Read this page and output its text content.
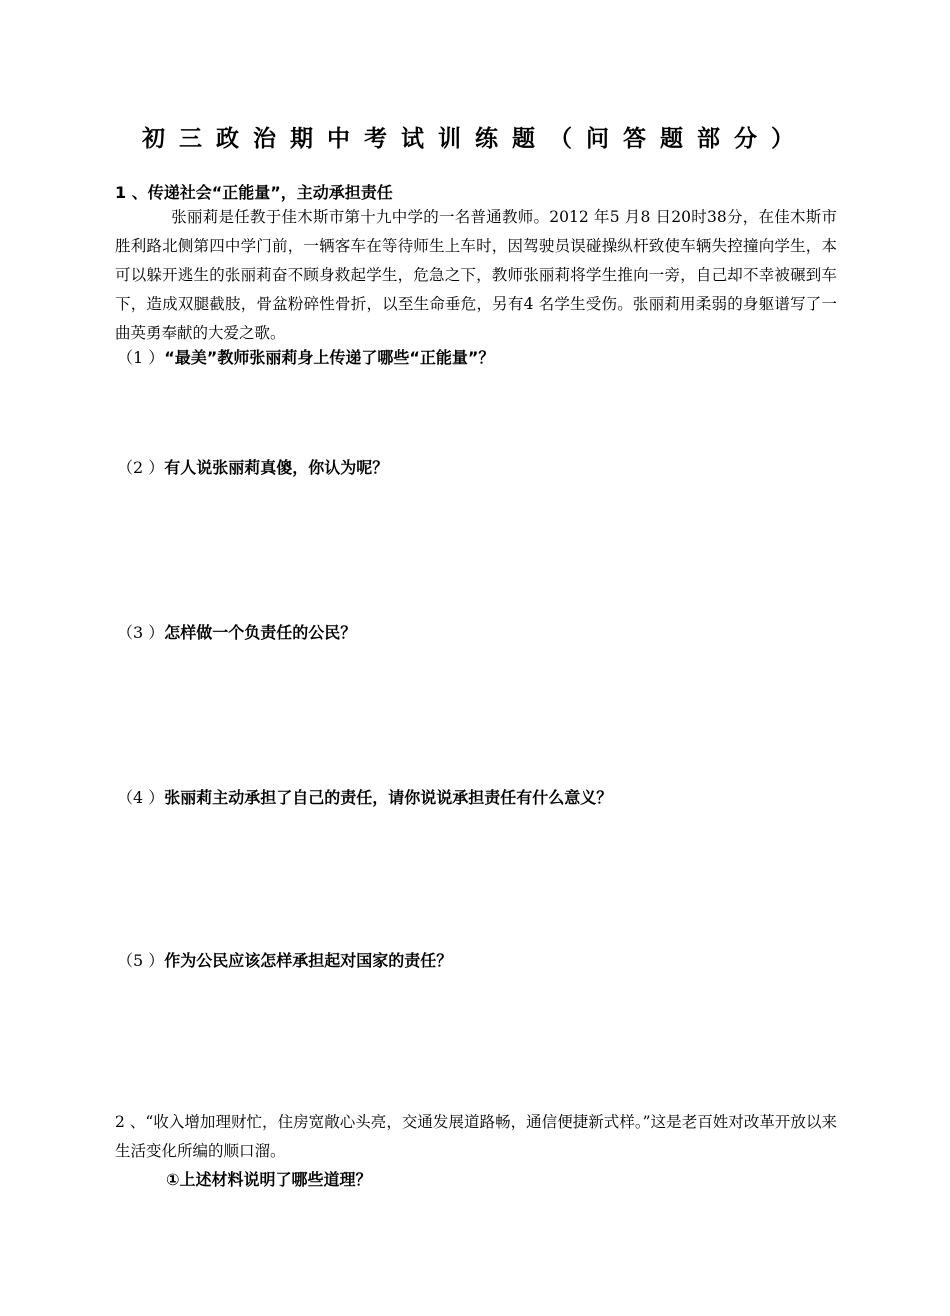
初三政治期中考试训练题（问答题部分）
1 、传递社会“正能量”，主动承担责任
张丽莉是任教于佳木斯市第十九中学的一名普通教师。2012 年5 月8 日20时38分，在佳木斯市胜利路北侧第四中学门前，一辆客车在等待师生上车时，因驾驶员误碰操纵杆致使车辆失控撞向学生，本可以躲开逃生的张丽莉奋不顾身救起学生，危急之下，教师张丽莉将学生推向一旁，自己却不幸被碾到车下，造成双腿截肢，骨盆粉碎性骨折，以至生命垂危，另有4 名学生受伤。张丽莉用柔弱的身躯谱写了一曲英勇奉献的大爱之歌。
（1 ）“最美”教师张丽莉身上传递了哪些“正能量”？
（2 ）有人说张丽莉真傻，你认为呢？
（3 ）怎样做一个负责任的公民？
（4 ）张丽莉主动承担了自己的责任，请你说说承担责任有什么意义？
（5 ）作为公民应该怎样承担起对国家的责任？
2 、“收入增加理财忙，住房宽敞心头亮，交通发展道路畅，通信便捷新式样。”这是老百姓对改革开放以来生活变化所编的顺口溜。
①上述材料说明了哪些道理？
